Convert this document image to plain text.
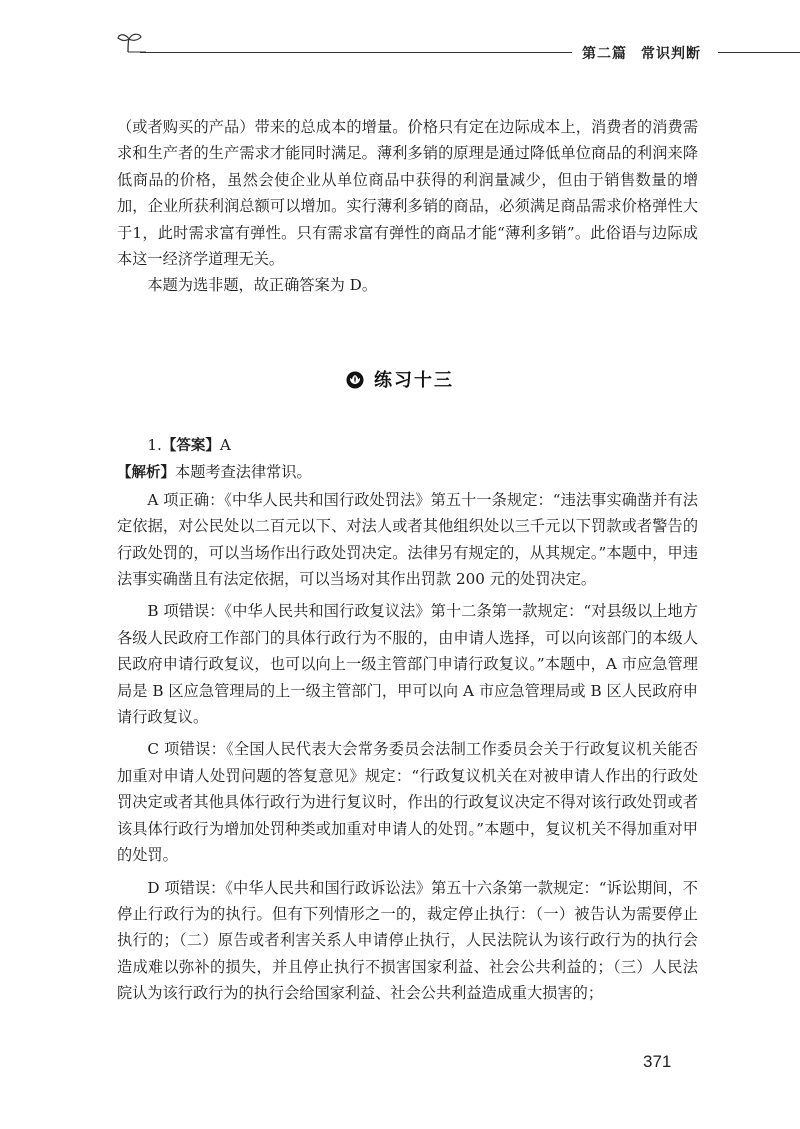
第二篇 常识判断

（或者购买的产品）带来的总成本的增量。价格只有定在边际成本上，消费者的消费需求和生产者的生产需求才能同时满足。薄利多销的原理是通过降低单位商品的利润来降低商品的价格，虽然会使企业从单位商品中获得的利润量减少，但由于销售数量的增加，企业所获利润总额可以增加。实行薄利多销的商品，必须满足商品需求价格弹性大于1，此时需求富有弹性。只有需求富有弹性的商品才能“薄利多销”。此俗语与边际成本这一经济学道理无关。

本题为选非题，故正确答案为 D。

练习十三

1.【答案】A

【解析】本题考查法律常识。

A 项正确：《中华人民共和国行政处罚法》第五十一条规定：“违法事实确凿并有法定依据，对公民处以二百元以下、对法人或者其他组织处以三千元以下罚款或者警告的行政处罚的，可以当场作出行政处罚决定。法律另有规定的，从其规定。”本题中，甲违法事实确凿且有法定依据，可以当场对其作出罚款 200 元的处罚决定。

B 项错误：《中华人民共和国行政复议法》第十二条第一款规定：“对县级以上地方各级人民政府工作部门的具体行政行为不服的，由申请人选择，可以向该部门的本级人民政府申请行政复议，也可以向上一级主管部门申请行政复议。”本题中，A 市应急管理局是 B 区应急管理局的上一级主管部门，甲可以向 A 市应急管理局或 B 区人民政府申请行政复议。

C 项错误：《全国人民代表大会常务委员会法制工作委员会关于行政复议机关能否加重对申请人处罚问题的答复意见》规定：“行政复议机关在对被申请人作出的行政处罚决定或者其他具体行政行为进行复议时，作出的行政复议决定不得对该行政处罚或者该具体行政行为增加处罚种类或加重对申请人的处罚。”本题中，复议机关不得加重对甲的处罚。

D 项错误：《中华人民共和国行政诉讼法》第五十六条第一款规定：“诉讼期间，不停止行政行为的执行。但有下列情形之一的，裁定停止执行：（一）被告认为需要停止执行的；（二）原告或者利害关系人申请停止执行，人民法院认为该行政行为的执行会造成难以弥补的损失，并且停止执行不损害国家利益、社会公共利益的；（三）人民法院认为该行政行为的执行会给国家利益、社会公共利益造成重大损害的；

371
